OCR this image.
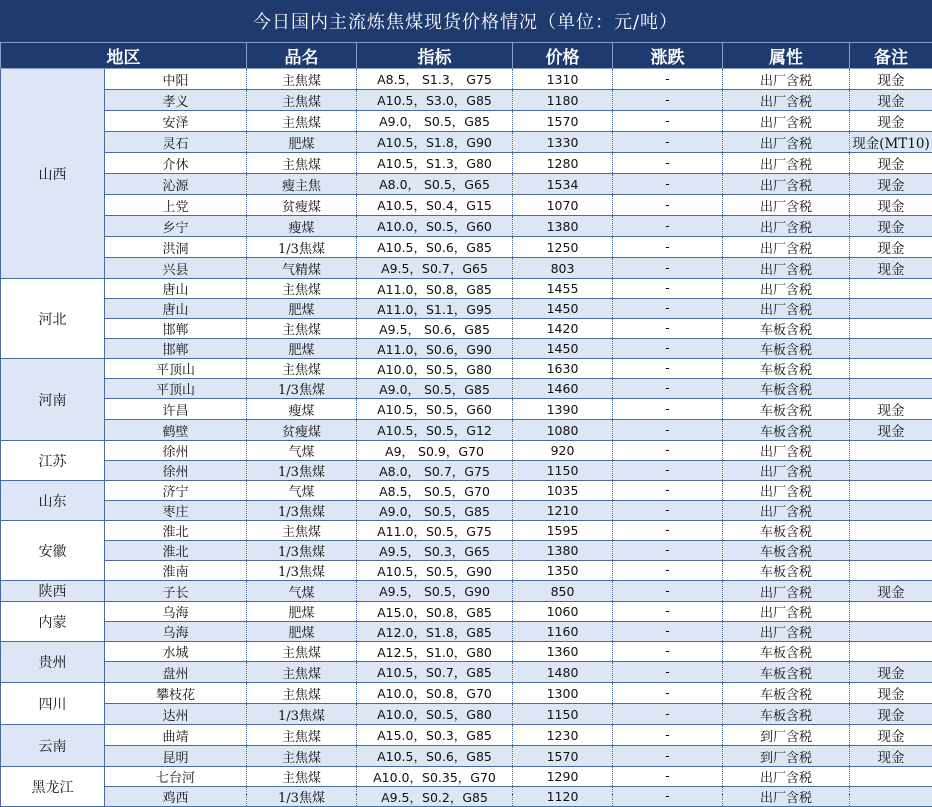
今日国内主流炼焦煤现货价格情况（单位：元/吨）
地区		品名	指标	价格	涨跌	属性	备注
山西	中阳	主焦煤	A8.5， S1.3， G75	1310	-	出厂含税	现金
	孝义	主焦煤	A10.5，S3.0，G85	1180	-	出厂含税	现金
	安泽	主焦煤	A9.0， S0.5，G85	1570	-	出厂含税	现金
	灵石	肥煤	A10.5，S1.8，G90	1330	-	出厂含税	现金(MT10)
	介休	主焦煤	A10.5，S1.3，G80	1280	-	出厂含税	现金
	沁源	瘦主焦	A8.0， S0.5，G65	1534	-	出厂含税	现金
	上党	贫瘦煤	A10.5，S0.4，G15	1070	-	出厂含税	现金
	乡宁	瘦煤	A10.0，S0.5，G60	1380	-	出厂含税	现金
	洪洞	1/3焦煤	A10.5，S0.6，G85	1250	-	出厂含税	现金
	兴县	气精煤	A9.5，S0.7，G65	803	-	出厂含税	现金
河北	唐山	主焦煤	A11.0，S0.8，G85	1455	-	出厂含税	
	唐山	肥煤	A11.0，S1.1，G95	1450	-	出厂含税	
	邯郸	主焦煤	A9.5， S0.6，G85	1420	-	车板含税	
	邯郸	肥煤	A11.0，S0.6，G90	1450	-	车板含税	
河南	平顶山	主焦煤	A10.0，S0.5，G80	1630	-	车板含税	
	平顶山	1/3焦煤	A9.0， S0.5，G85	1460	-	车板含税	
	许昌	瘦煤	A10.5，S0.5，G60	1390	-	车板含税	现金
	鹤壁	贫瘦煤	A10.5，S0.5，G12	1080	-	车板含税	现金
江苏	徐州	气煤	A9， S0.9，G70	920	-	出厂含税	
	徐州	1/3焦煤	A8.0， S0.7，G75	1150	-	出厂含税	
山东	济宁	气煤	A8.5， S0.5，G70	1035	-	出厂含税	
	枣庄	1/3焦煤	A9.0， S0.5，G85	1210	-	出厂含税	
安徽	淮北	主焦煤	A11.0，S0.5，G75	1595	-	车板含税	
	淮北	1/3焦煤	A9.5， S0.3，G65	1380	-	车板含税	
	淮南	1/3焦煤	A10.5，S0.5，G90	1350	-	车板含税	
陕西	子长	气煤	A9.5， S0.5，G90	850	-	出厂含税	现金
内蒙	乌海	肥煤	A15.0，S0.8，G85	1060	-	出厂含税	
	乌海	肥煤	A12.0，S1.8，G85	1160	-	出厂含税	
贵州	水城	主焦煤	A12.5，S1.0，G80	1360	-	车板含税	
	盘州	主焦煤	A10.5，S0.7，G85	1480	-	车板含税	现金
四川	攀枝花	主焦煤	A10.0，S0.8，G70	1300	-	车板含税	现金
	达州	1/3焦煤	A10.0，S0.5，G80	1150	-	车板含税	现金
云南	曲靖	主焦煤	A15.0，S0.3，G85	1230	-	到厂含税	现金
	昆明	主焦煤	A10.5，S0.6，G85	1570	-	到厂含税	现金
黑龙江	七台河	主焦煤	A10.0，S0.35，G70	1290	-	出厂含税	
	鸡西	1/3焦煤	A9.5，S0.2，G85	1120	-	出厂含税	
